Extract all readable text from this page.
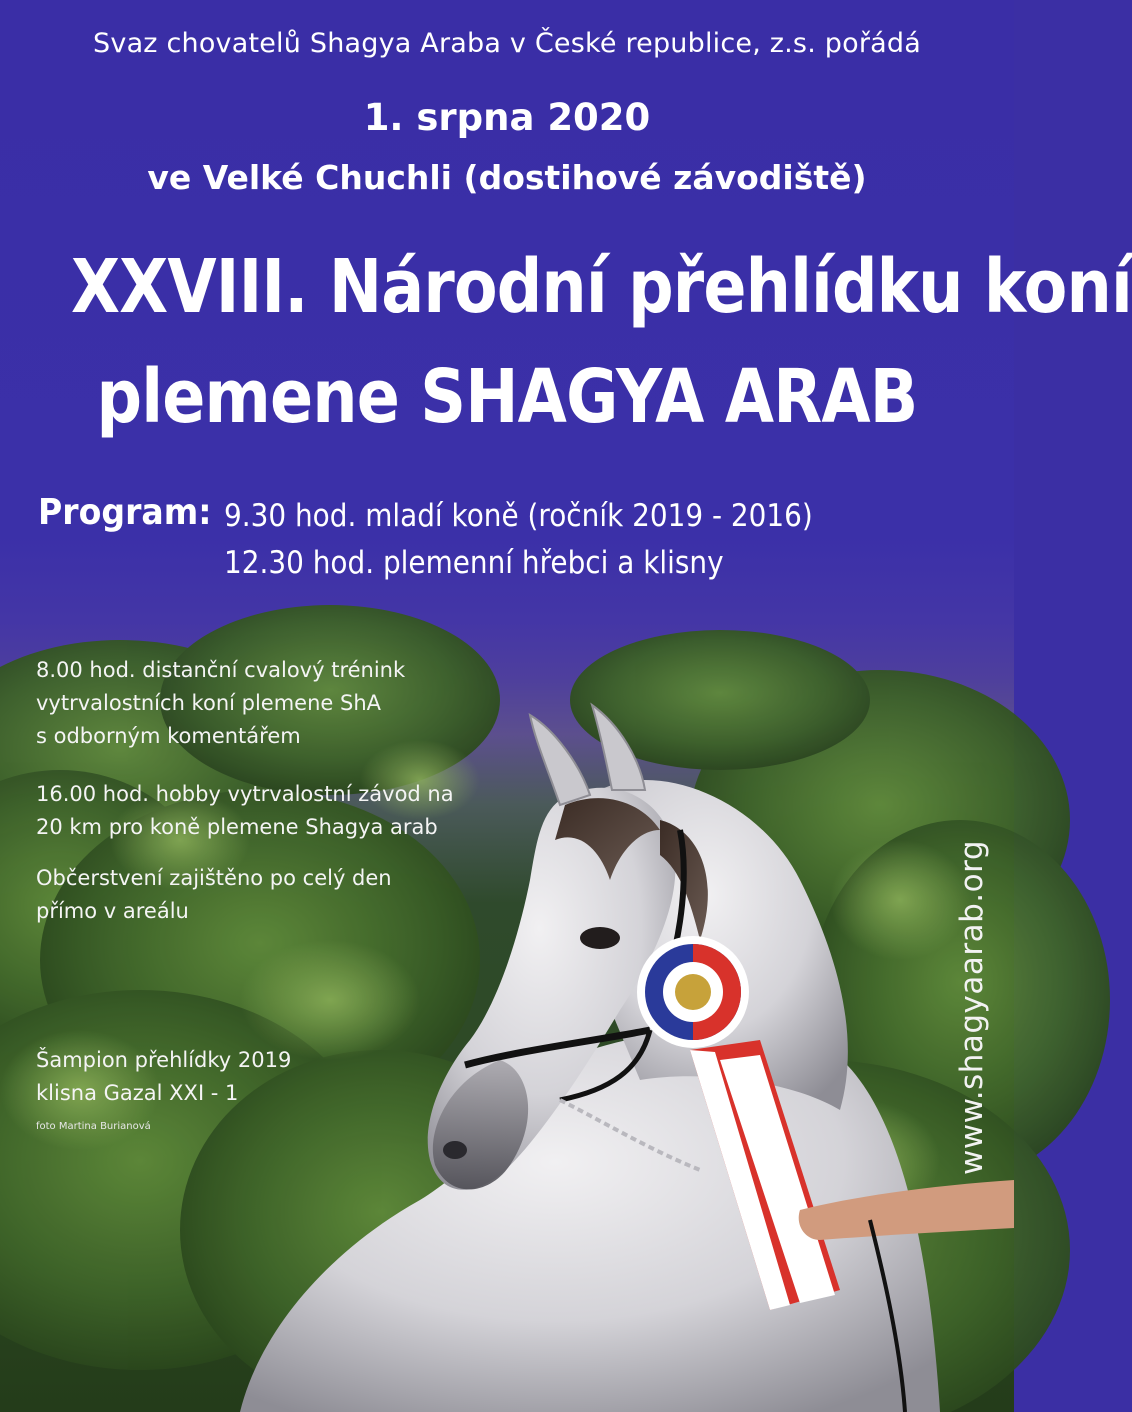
Svaz chovatelů Shagya Araba v České republice, z.s. pořádá
1. srpna 2020
ve Velké Chuchli (dostihové závodiště)
XXVIII. Národní přehlídku koní
plemene SHAGYA ARAB
Program: 9.30 hod. mladí koně (ročník 2019 - 2016)
12.30 hod. plemenní hřebci a klisny
8.00 hod. distanční cvalový trénink
vytrvalostních koní plemene ShA
s odborným komentářem
16.00 hod. hobby vytrvalostní závod na
20 km pro koně plemene Shagya arab
Občerstvení zajištěno po celý den
přímo v areálu
Šampion přehlídky 2019
klisna Gazal XXI - 1
foto Martina Burianová	www.shagyaarab.org
